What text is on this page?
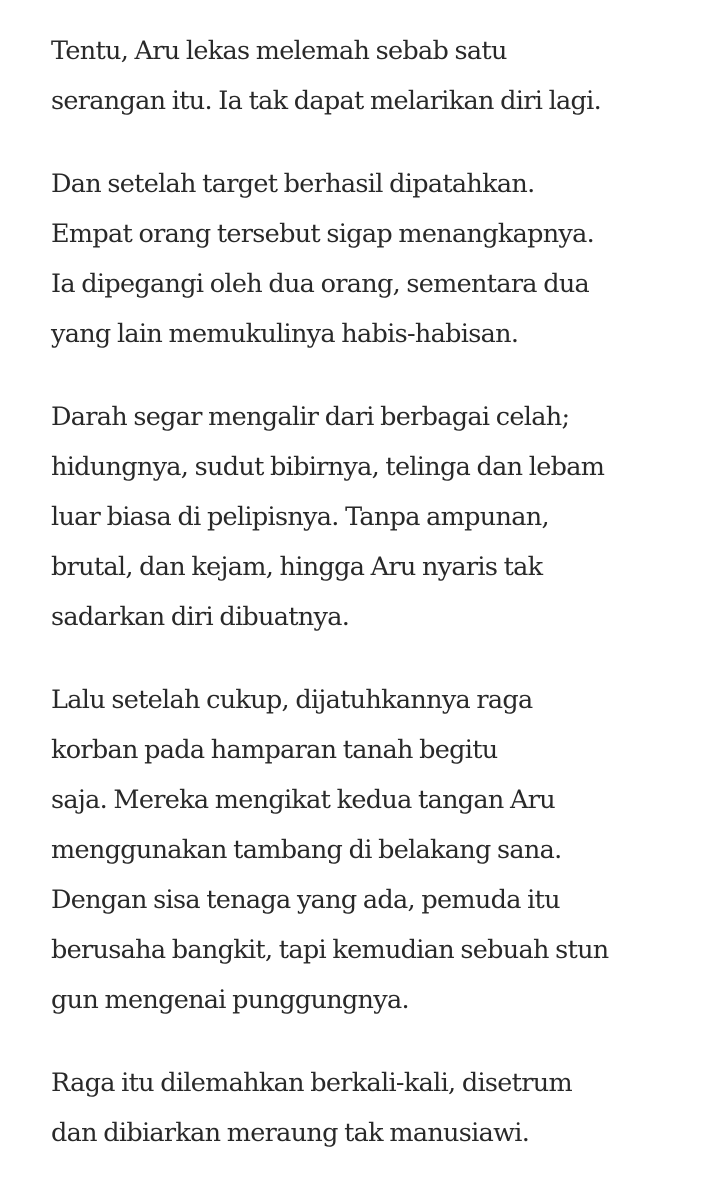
Tentu, Aru lekas melemah sebab satu
serangan itu. Ia tak dapat melarikan diri lagi.

Dan setelah target berhasil dipatahkan.
Empat orang tersebut sigap menangkapnya.
Ia dipegangi oleh dua orang, sementara dua
yang lain memukulinya habis-habisan.

Darah segar mengalir dari berbagai celah;
hidungnya, sudut bibirnya, telinga dan lebam
luar biasa di pelipisnya. Tanpa ampunan,
brutal, dan kejam, hingga Aru nyaris tak
sadarkan diri dibuatnya.

Lalu setelah cukup, dijatuhkannya raga
korban pada hamparan tanah begitu
saja. Mereka mengikat kedua tangan Aru
menggunakan tambang di belakang sana.
Dengan sisa tenaga yang ada, pemuda itu
berusaha bangkit, tapi kemudian sebuah stun
gun mengenai punggungnya.

Raga itu dilemahkan berkali-kali, disetrum
dan dibiarkan meraung tak manusiawi.
